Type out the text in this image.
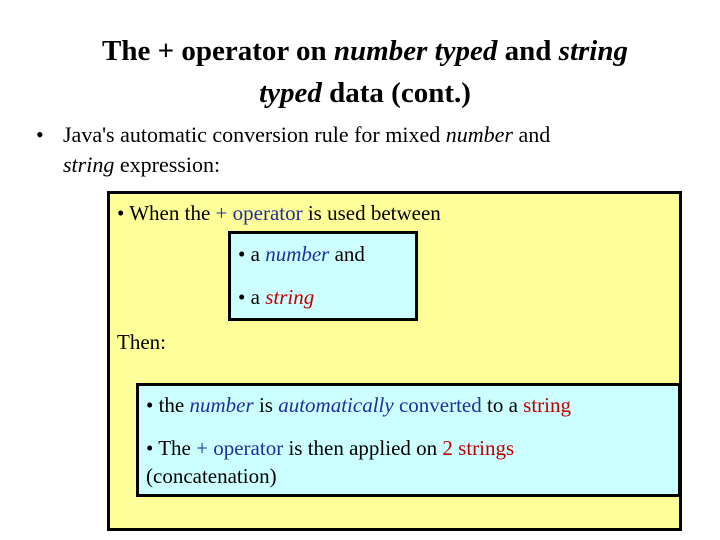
The + operator on number typed and string
typed data (cont.)
• Java's automatic conversion rule for mixed number and
string expression:
• When the + operator is used between
• a number and
• a string
Then:
• the number is automatically converted to a string
• The + operator is then applied on 2 strings
(concatenation)
